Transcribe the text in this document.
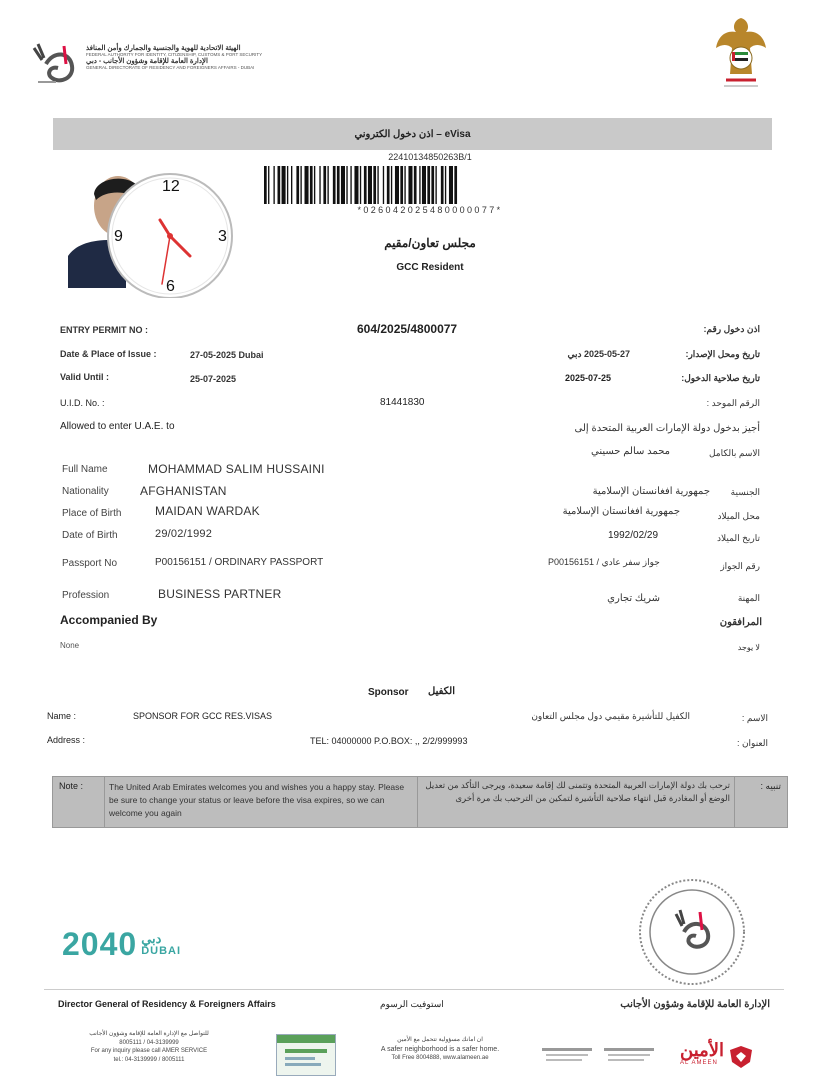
الهيئة الاتحادية للهوية والجنسية والجمارك وأمن المنافذ
FEDERAL AUTHORITY FOR IDENTITY, CITIZENSHIP, CUSTOMS & PORT SECURITY
الإدارة العامة للإقامة وشؤون الأجانب - دبي
GENERAL DIRECTORATE OF RESIDENCY AND FOREIGNERS AFFAIRS - DUBAI
اذن دخول الكتروني – eVisa
12
3
6
9
22410134850263B/1
*026042025480000077*
مجلس تعاون/مقيم
GCC Resident
ENTRY PERMIT NO :	604/2025/4800077	اذن دخول رقم:
Date & Place of Issue :	27-05-2025 Dubai	2025-05-27 دبي	تاريخ ومحل الإصدار:
Valid Until :	25-07-2025	2025-07-25	تاريخ صلاحية الدخول:
U.I.D. No. :	81441830	الرقم الموحد :
Allowed to enter U.A.E. to	أجيز بدخول دولة الإمارات العربية المتحدة إلى
Full Name	MOHAMMAD SALIM HUSSAINI
محمد سالم حسيني	الاسم بالكامل
Nationality	AFGHANISTAN	جمهورية افغانستان الإسلامية الجنسية
Place of Birth	MAIDAN WARDAK	جمهورية افغانستان الإسلامية	محل الميلاد
Date of Birth	29/02/1992	1992/02/29	تاريخ الميلاد
Passport No	P00156151 / ORDINARY PASSPORT	P00156151 / جواز سفر عادي	رقم الجواز
Profession	BUSINESS PARTNER	شريك تجاري	المهنة
Accompanied By	المرافقون
None	لا يوجد
Sponsor الكفيل
Name :	SPONSOR FOR GCC RES.VISAS	الكفيل للتأشيرة مقيمي دول مجلس التعاون	الاسم :
Address :	TEL: 04000000 P.O.BOX: ,, 2/2/999993	العنوان :
Note :	The United Arab Emirates welcomes you and wishes you a happy stay. Please be sure to change your status or leave before the visa expires, so we can welcome you again
ترحب بك دولة الإمارات العربية المتحدة وتتمنى لك إقامة سعيدة، ويرجى التأكد من تعديل الوضع أو المغادرة قبل انتهاء صلاحية التأشيرة لتمكين من الترحيب بك مرة أخرى
تنبيه :
2040 دبي
DUBAI
Director General of Residency & Foreigners Affairs	استوفيت الرسوم	الإدارة العامة للإقامة وشؤون الأجانب
للتواصل مع الإدارة العامة للإقامة وشؤون الأجانب
8005111 / 04-3139999
For any inquiry please call AMER SERVICE
tel.: 04-3139999 / 8005111
ان امانك مسؤولية تتحمل مع الأمين
A safer neighborhood is a safer home.
Toll Free 8004888, www.alameen.ae	الأمين
AL AMEEN
